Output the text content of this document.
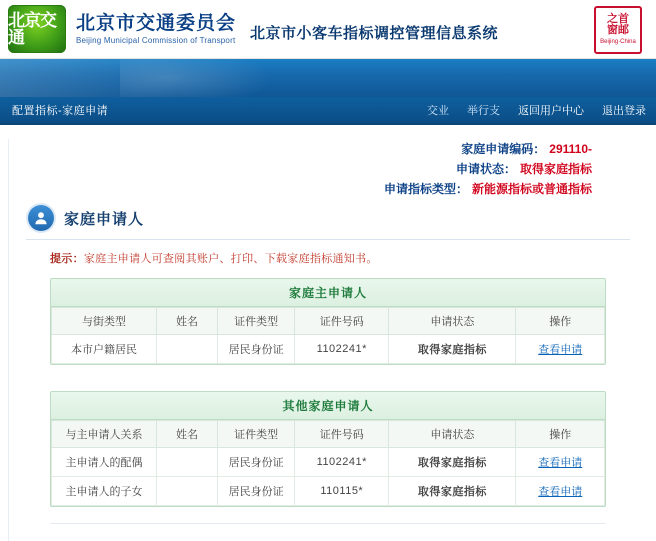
北京交通
北京市交通委员会
Beijing Municipal Commission of Transport 北京市小客车指标调控管理信息系统
之首
窗邮
Beijing·China
配置指标-家庭申请	交业 举行支 返回用户中心 退出登录
家庭申请编码： 291110-
申请状态： 取得家庭指标
申请指标类型： 新能源指标或普通指标
家庭申请人
提示：家庭主申请人可查阅其账户、打印、下载家庭指标通知书。
家庭主申请人
与街类型	姓名	证件类型	证件号码	申请状态	操作
本市户籍居民		居民身份证	1102241*	取得家庭指标	查看申请
其他家庭申请人
与主申请人关系	姓名	证件类型	证件号码	申请状态	操作
主申请人的配偶		居民身份证	1102241*	取得家庭指标	查看申请
主申请人的子女		居民身份证	110115*	取得家庭指标	查看申请
